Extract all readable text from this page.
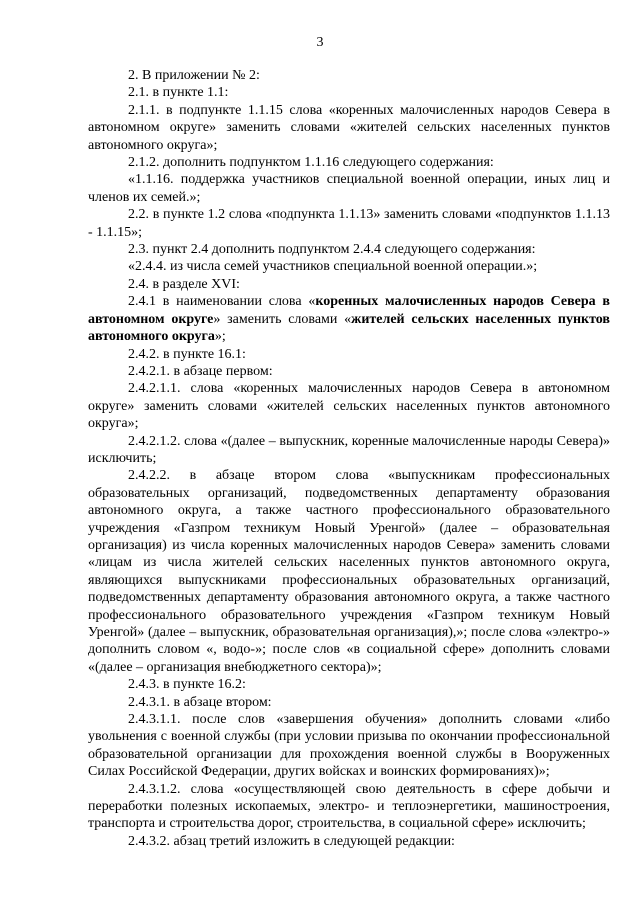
3

2. В приложении № 2:

2.1. в пункте 1.1:

2.1.1. в подпункте 1.1.15 слова «коренных малочисленных народов Севера в автономном округе» заменить словами «жителей сельских населенных пунктов автономного округа»;

2.1.2. дополнить подпунктом 1.1.16 следующего содержания:

«1.1.16. поддержка участников специальной военной операции, иных лиц и членов их семей.»;

2.2. в пункте 1.2 слова «подпункта 1.1.13» заменить словами «подпунктов 1.1.13 - 1.1.15»;

2.3. пункт 2.4 дополнить подпунктом 2.4.4 следующего содержания:

«2.4.4. из числа семей участников специальной военной операции.»;

2.4. в разделе XVI:

2.4.1 в наименовании слова «коренных малочисленных народов Севера в автономном округе» заменить словами «жителей сельских населенных пунктов автономного округа»;

2.4.2. в пункте 16.1:

2.4.2.1. в абзаце первом:

2.4.2.1.1. слова «коренных малочисленных народов Севера в автономном округе» заменить словами «жителей сельских населенных пунктов автономного округа»;

2.4.2.1.2. слова «(далее – выпускник, коренные малочисленные народы Севера)» исключить;

2.4.2.2. в абзаце втором слова «выпускникам профессиональных образовательных организаций, подведомственных департаменту образования автономного округа, а также частного профессионального образовательного учреждения «Газпром техникум Новый Уренгой» (далее – образовательная организация) из числа коренных малочисленных народов Севера» заменить словами «лицам из числа жителей сельских населенных пунктов автономного округа, являющихся выпускниками профессиональных образовательных организаций, подведомственных департаменту образования автономного округа, а также частного профессионального образовательного учреждения «Газпром техникум Новый Уренгой» (далее – выпускник, образовательная организация),»; после слова «электро-» дополнить словом «, водо-»; после слов «в социальной сфере» дополнить словами «(далее – организация внебюджетного сектора)»;

2.4.3. в пункте 16.2:

2.4.3.1. в абзаце втором:

2.4.3.1.1. после слов «завершения обучения» дополнить словами «либо увольнения с военной службы (при условии призыва по окончании профессиональной образовательной организации для прохождения военной службы в Вооруженных Силах Российской Федерации, других войсках и воинских формированиях)»;

2.4.3.1.2. слова «осуществляющей свою деятельность в сфере добычи и переработки полезных ископаемых, электро- и теплоэнергетики, машиностроения, транспорта и строительства дорог, строительства, в социальной сфере» исключить;

2.4.3.2. абзац третий изложить в следующей редакции:
